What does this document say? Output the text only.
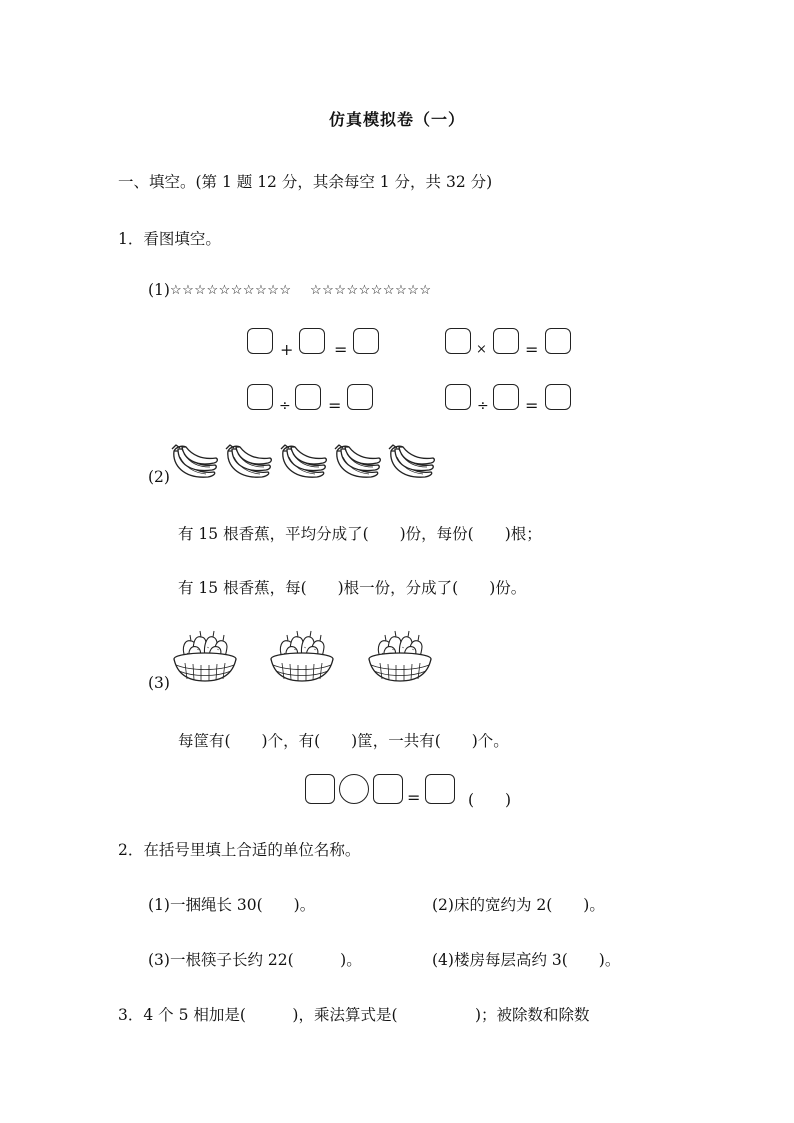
仿真模拟卷（一）
一、填空。(第 1 题 12 分，其余每空 1 分，共 32 分)
1．看图填空。
(1) ☆☆☆☆☆☆☆☆☆☆ ☆☆☆☆☆☆☆☆☆☆
+	=	× =
÷ =	÷ =
(2)
有 15 根香蕉，平均分成了(　　)份，每份(　　)根；
有 15 根香蕉，每(　　)根一份，分成了(　　)份。
(3)
每筐有(　　)个，有(　　)筐，一共有(　　)个。
=	(　　)
2．在括号里填上合适的单位名称。
(1)一捆绳长 30(　　)。	(2)床的宽约为 2(　　)。
(3)一根筷子长约 22(　　　)。	(4)楼房每层高约 3(　　)。
3．4 个 5 相加是(　　　)，乘法算式是(　　　　　)；被除数和除数
